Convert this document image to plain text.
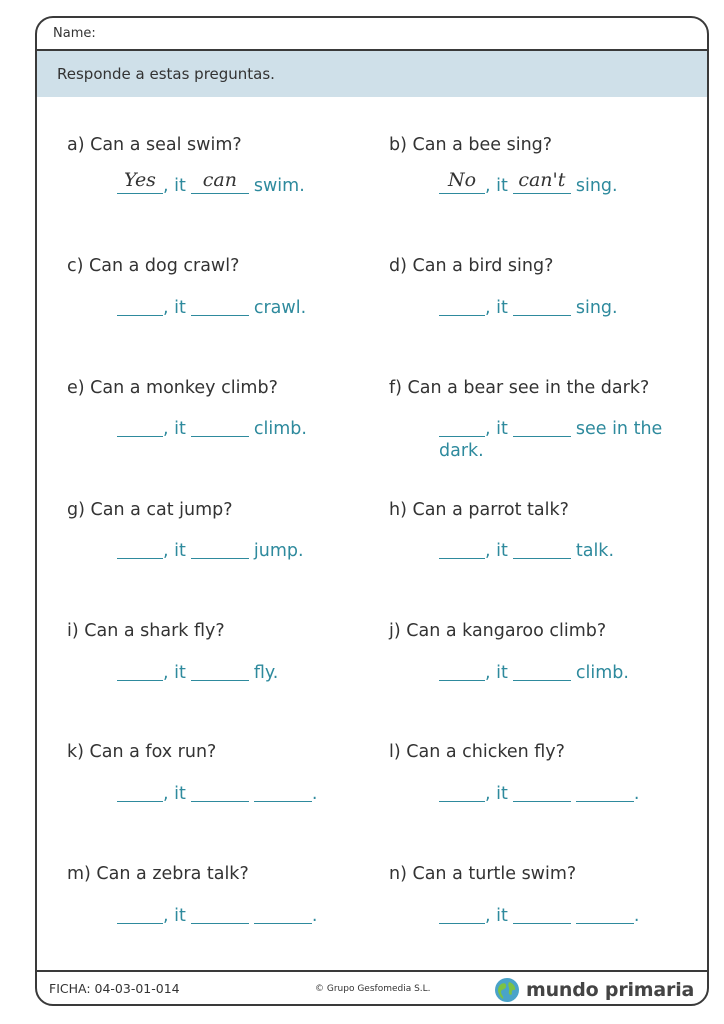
Name:
Responde a estas preguntas.
a) Can a seal swim?
Yes , it can swim.
b) Can a bee sing?
No , it can't sing.
c) Can a dog crawl?
, it	crawl.
d) Can a bird sing?
, it	sing.
e) Can a monkey climb?
, it	climb.
f) Can a bear see in the dark?
, it	see in the
dark.
g) Can a cat jump?
, it	jump.
h) Can a parrot talk?
, it	talk.
i) Can a shark fly?
, it	fly.
j) Can a kangaroo climb?
, it	climb.
k) Can a fox run?
, it	.
l) Can a chicken fly?
, it	.
m) Can a zebra talk?
, it	.
n) Can a turtle swim?
, it	.
FICHA: 04-03-01-014	© Grupo Gesfomedia S.L.	mundo primaria
